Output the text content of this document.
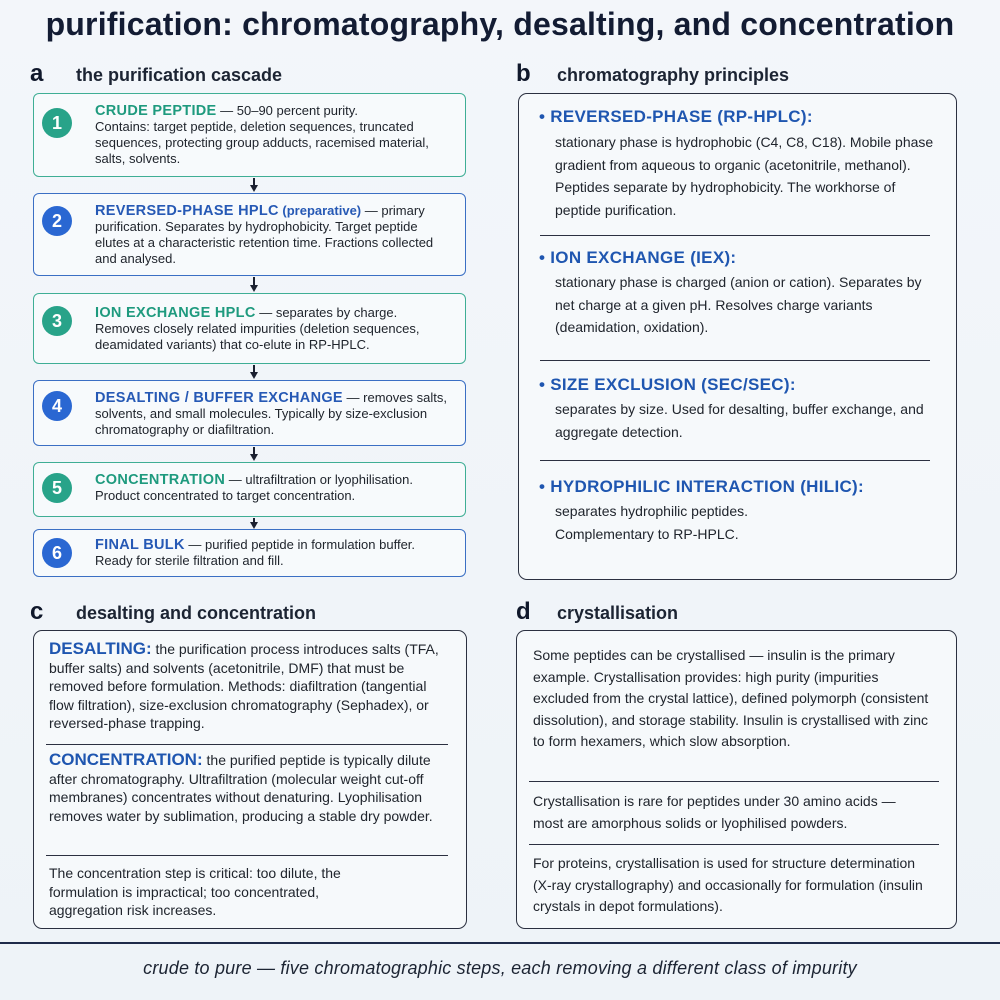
purification: chromatography, desalting, and concentration
a the purification cascade
1
CRUDE PEPTIDE — 50–90 percent purity.
Contains: target peptide, deletion sequences, truncated sequences, protecting group adducts, racemised material, salts, solvents.
2	REVERSED-PHASE HPLC (preparative) — primary purification. Separates by hydrophobicity. Target peptide elutes at a characteristic retention time. Fractions collected and analysed.
3	ION EXCHANGE HPLC — separates by charge. Removes closely related impurities (deletion sequences, deamidated variants) that co-elute in RP-HPLC.
4	DESALTING / BUFFER EXCHANGE — removes salts, solvents, and small molecules. Typically by size-exclusion chromatography or diafiltration.
5	CONCENTRATION — ultrafiltration or lyophilisation. Product concentrated to target concentration.
6	FINAL BULK — purified peptide in formulation buffer. Ready for sterile filtration and fill.
b chromatography principles
• REVERSED-PHASE (RP-HPLC):
stationary phase is hydrophobic (C4, C8, C18). Mobile phase gradient from aqueous to organic (acetonitrile, methanol). Peptides separate by hydrophobicity. The workhorse of peptide purification.
• ION EXCHANGE (IEX):
stationary phase is charged (anion or cation). Separates by net charge at a given pH. Resolves charge variants (deamidation, oxidation).
• SIZE EXCLUSION (SEC/SEC):
separates by size. Used for desalting, buffer exchange, and aggregate detection.
• HYDROPHILIC INTERACTION (HILIC):
separates hydrophilic peptides. Complementary to RP-HPLC.
c desalting and concentration
DESALTING: the purification process introduces salts (TFA, buffer salts) and solvents (acetonitrile, DMF) that must be removed before formulation. Methods: diafiltration (tangential flow filtration), size-exclusion chromatography (Sephadex), or reversed-phase trapping.
CONCENTRATION: the purified peptide is typically dilute after chromatography. Ultrafiltration (molecular weight cut-off membranes) concentrates without denaturing. Lyophilisation removes water by sublimation, producing a stable dry powder.
The concentration step is critical: too dilute, the formulation is impractical; too concentrated, aggregation risk increases.
d crystallisation
Some peptides can be crystallised — insulin is the primary example. Crystallisation provides: high purity (impurities excluded from the crystal lattice), defined polymorph (consistent dissolution), and storage stability. Insulin is crystallised with zinc to form hexamers, which slow absorption.
Crystallisation is rare for peptides under 30 amino acids — most are amorphous solids or lyophilised powders.
For proteins, crystallisation is used for structure determination (X-ray crystallography) and occasionally for formulation (insulin crystals in depot formulations).
crude to pure — five chromatographic steps, each removing a different class of impurity
